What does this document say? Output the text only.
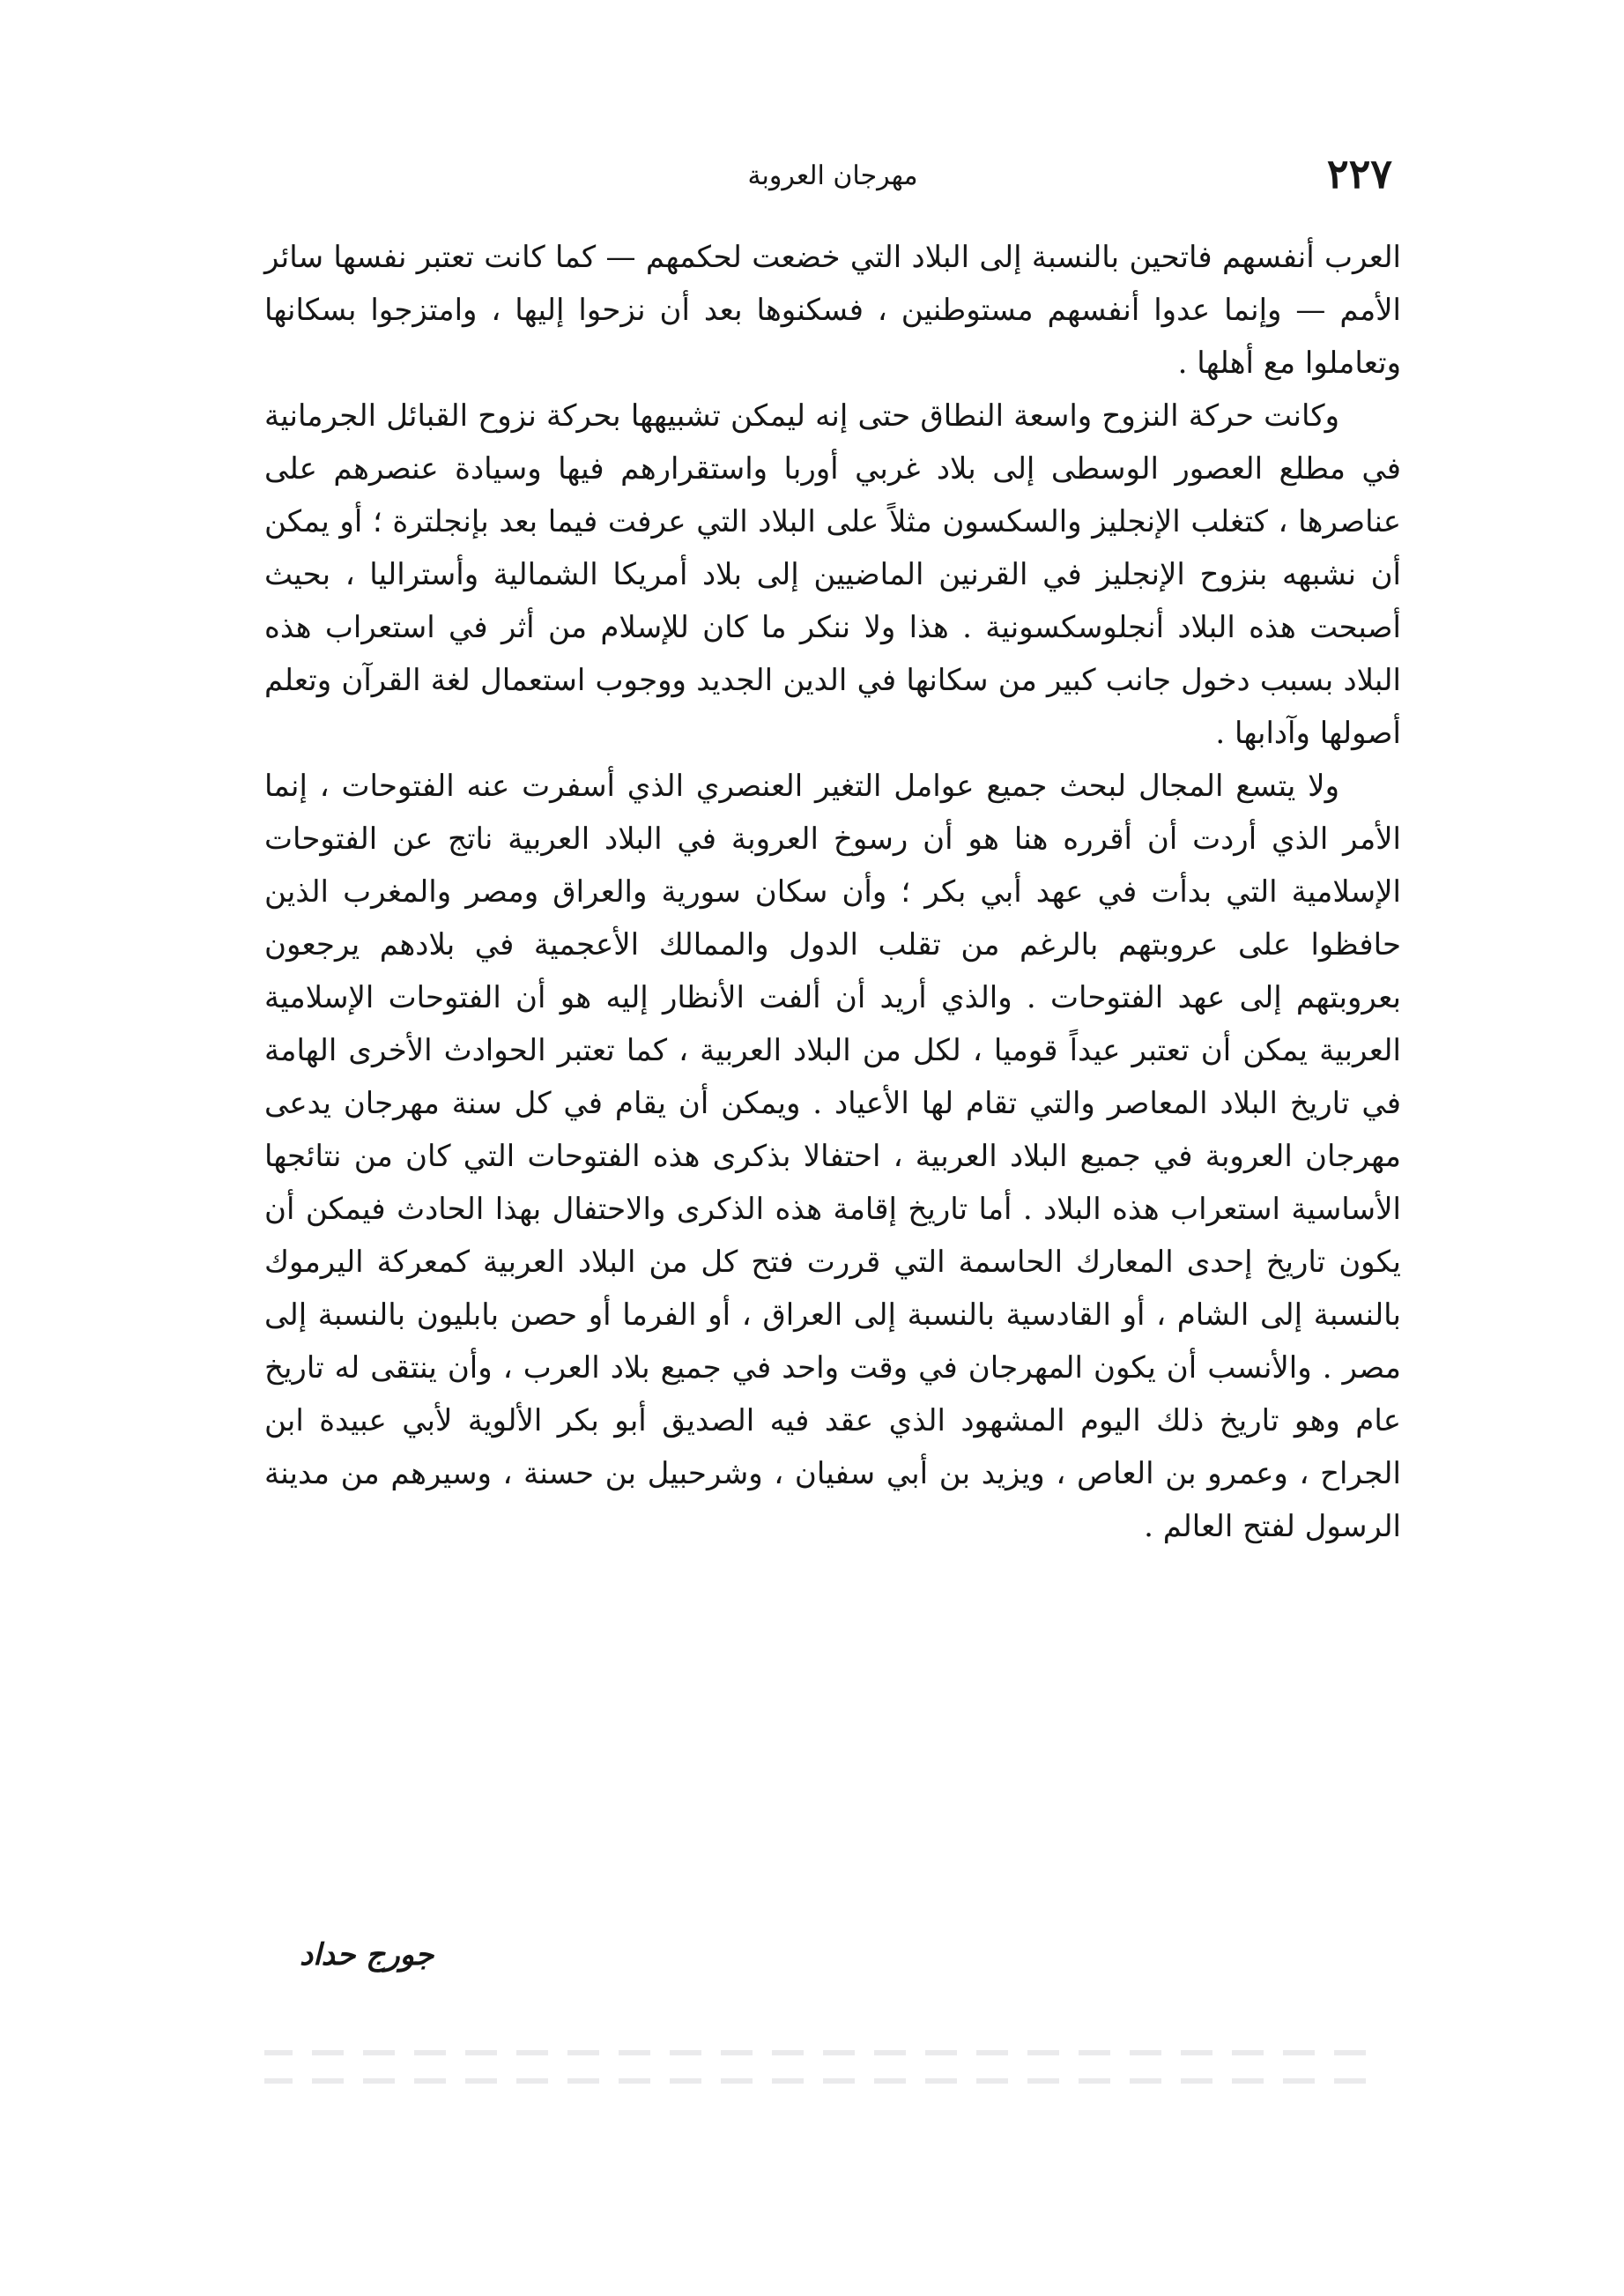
٢٢٧
مهرجان العروبة

العرب أنفسهم فاتحين بالنسبة إلى البلاد التي خضعت لحكمهم — كما كانت تعتبر نفسها سائر الأمم — وإنما عدوا أنفسهم مستوطنين ، فسكنوها بعد أن نزحوا إليها ، وامتزجوا بسكانها وتعاملوا مع أهلها .

وكانت حركة النزوح واسعة النطاق حتى إنه ليمكن تشبيهها بحركة نزوح القبائل الجرمانية في مطلع العصور الوسطى إلى بلاد غربي أوربا واستقرارهم فيها وسيادة عنصرهم على عناصرها ، كتغلب الإنجليز والسكسون مثلاً على البلاد التي عرفت فيما بعد بإنجلترة ؛ أو يمكن أن نشبهه بنزوح الإنجليز في القرنين الماضيين إلى بلاد أمريكا الشمالية وأستراليا ، بحيث أصبحت هذه البلاد أنجلوسكسونية . هذا ولا ننكر ما كان للإسلام من أثر في استعراب هذه البلاد بسبب دخول جانب كبير من سكانها في الدين الجديد ووجوب استعمال لغة القرآن وتعلم أصولها وآدابها .

ولا يتسع المجال لبحث جميع عوامل التغير العنصري الذي أسفرت عنه الفتوحات ، إنما الأمر الذي أردت أن أقرره هنا هو أن رسوخ العروبة في البلاد العربية ناتج عن الفتوحات الإسلامية التي بدأت في عهد أبي بكر ؛ وأن سكان سورية والعراق ومصر والمغرب الذين حافظوا على عروبتهم بالرغم من تقلب الدول والممالك الأعجمية في بلادهم يرجعون بعروبتهم إلى عهد الفتوحات . والذي أريد أن ألفت الأنظار إليه هو أن الفتوحات الإسلامية العربية يمكن أن تعتبر عيداً قوميا ، لكل من البلاد العربية ، كما تعتبر الحوادث الأخرى الهامة في تاريخ البلاد المعاصر والتي تقام لها الأعياد . ويمكن أن يقام في كل سنة مهرجان يدعى مهرجان العروبة في جميع البلاد العربية ، احتفالا بذكرى هذه الفتوحات التي كان من نتائجها الأساسية استعراب هذه البلاد . أما تاريخ إقامة هذه الذكرى والاحتفال بهذا الحادث فيمكن أن يكون تاريخ إحدى المعارك الحاسمة التي قررت فتح كل من البلاد العربية كمعركة اليرموك بالنسبة إلى الشام ، أو القادسية بالنسبة إلى العراق ، أو الفرما أو حصن بابليون بالنسبة إلى مصر . والأنسب أن يكون المهرجان في وقت واحد في جميع بلاد العرب ، وأن ينتقى له تاريخ عام وهو تاريخ ذلك اليوم المشهود الذي عقد فيه الصديق أبو بكر الألوية لأبي عبيدة ابن الجراح ، وعمرو بن العاص ، ويزيد بن أبي سفيان ، وشرحبيل بن حسنة ، وسيرهم من مدينة الرسول لفتح العالم .

جورج حداد
